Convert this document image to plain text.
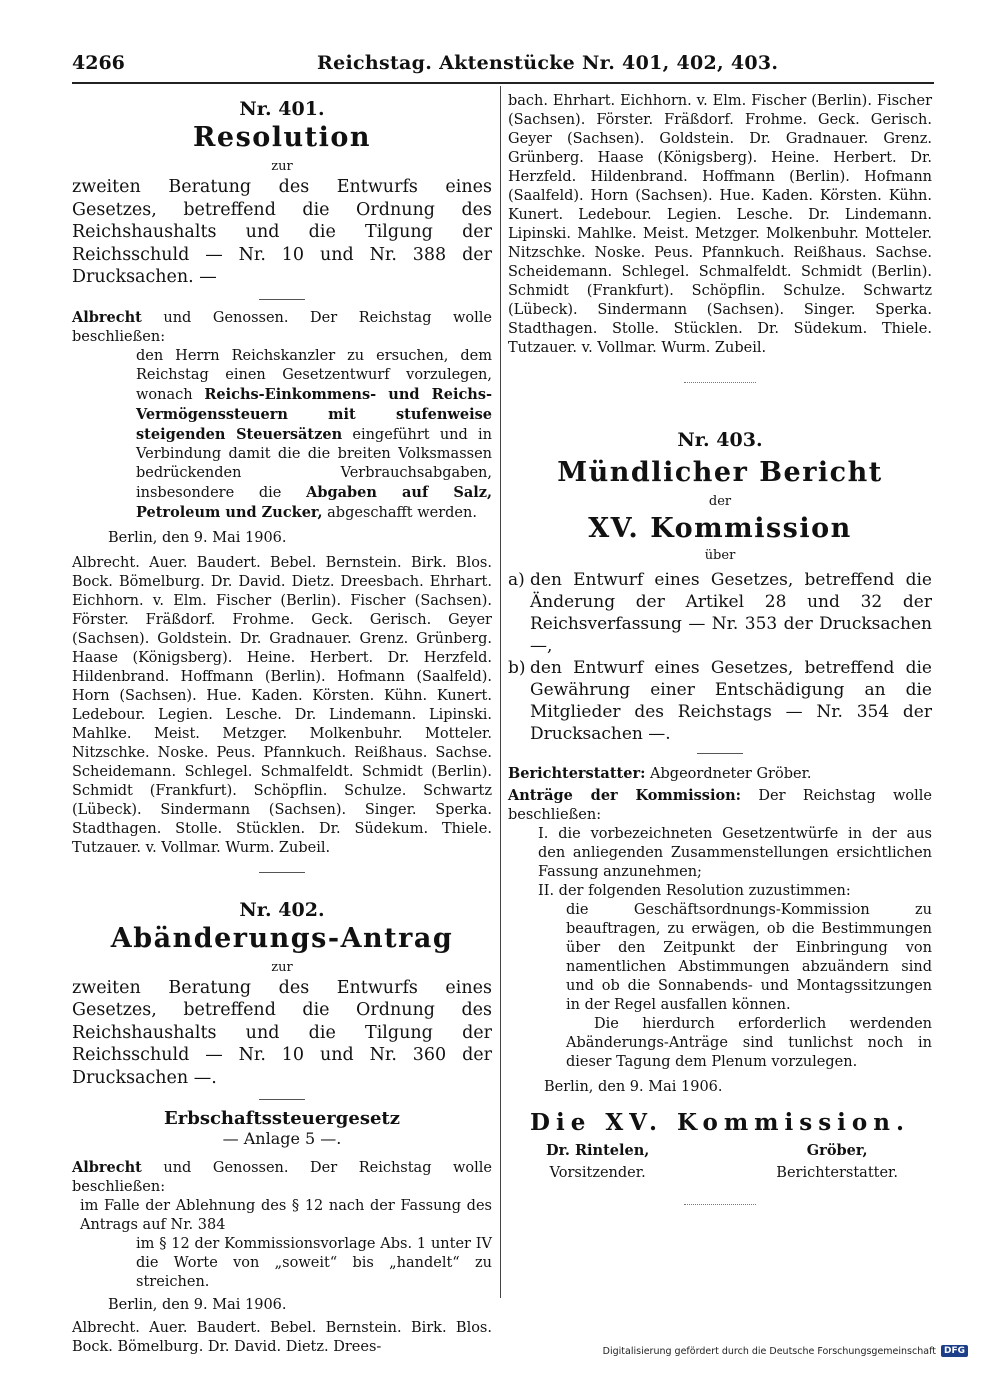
4266	Reichstag. Aktenstücke Nr. 401, 402, 403.

Nr. 401.

Resolution

zur

zweiten Beratung des Entwurfs eines Gesetzes, betreffend die Ordnung des Reichshaushalts und die Tilgung der Reichsschuld — Nr. 10 und Nr. 388 der Drucksachen. —

Albrecht und Genossen. Der Reichstag wolle beschließen:

den Herrn Reichskanzler zu ersuchen, dem Reichstag einen Gesetzentwurf vorzulegen, wonach Reichs-Einkommens- und Reichs-Vermögenssteuern mit stufenweise steigenden Steuersätzen eingeführt und in Verbindung damit die die breiten Volksmassen bedrückenden Verbrauchsabgaben, insbesondere die Abgaben auf Salz, Petroleum und Zucker, abgeschafft werden.

Berlin, den 9. Mai 1906.

Albrecht. Auer. Baudert. Bebel. Bernstein. Birk. Blos. Bock. Bömelburg. Dr. David. Dietz. Dreesbach. Ehrhart. Eichhorn. v. Elm. Fischer (Berlin). Fischer (Sachsen). Förster. Fräßdorf. Frohme. Geck. Gerisch. Geyer (Sachsen). Goldstein. Dr. Gradnauer. Grenz. Grünberg. Haase (Königsberg). Heine. Herbert. Dr. Herzfeld. Hildenbrand. Hoffmann (Berlin). Hofmann (Saalfeld). Horn (Sachsen). Hue. Kaden. Körsten. Kühn. Kunert. Ledebour. Legien. Lesche. Dr. Lindemann. Lipinski. Mahlke. Meist. Metzger. Molkenbuhr. Motteler. Nitzschke. Noske. Peus. Pfannkuch. Reißhaus. Sachse. Scheidemann. Schlegel. Schmalfeldt. Schmidt (Berlin). Schmidt (Frankfurt). Schöpflin. Schulze. Schwartz (Lübeck). Sindermann (Sachsen). Singer. Sperka. Stadthagen. Stolle. Stücklen. Dr. Südekum. Thiele. Tutzauer. v. Vollmar. Wurm. Zubeil.

Nr. 402.

Abänderungs-Antrag

zur

zweiten Beratung des Entwurfs eines Gesetzes, betreffend die Ordnung des Reichshaushalts und die Tilgung der Reichsschuld — Nr. 10 und Nr. 360 der Drucksachen —.

Erbschaftssteuergesetz

— Anlage 5 —.

Albrecht und Genossen. Der Reichstag wolle beschließen:

im Falle der Ablehnung des § 12 nach der Fassung des Antrags auf Nr. 384

im § 12 der Kommissionsvorlage Abs. 1 unter IV die Worte von „soweit“ bis „handelt“ zu streichen.

Berlin, den 9. Mai 1906.

Albrecht. Auer. Baudert. Bebel. Bernstein. Birk. Blos. Bock. Bömelburg. Dr. David. Dietz. Drees-

bach. Ehrhart. Eichhorn. v. Elm. Fischer (Berlin). Fischer (Sachsen). Förster. Fräßdorf. Frohme. Geck. Gerisch. Geyer (Sachsen). Goldstein. Dr. Gradnauer. Grenz. Grünberg. Haase (Königsberg). Heine. Herbert. Dr. Herzfeld. Hildenbrand. Hoffmann (Berlin). Hofmann (Saalfeld). Horn (Sachsen). Hue. Kaden. Körsten. Kühn. Kunert. Ledebour. Legien. Lesche. Dr. Lindemann. Lipinski. Mahlke. Meist. Metzger. Molkenbuhr. Motteler. Nitzschke. Noske. Peus. Pfannkuch. Reißhaus. Sachse. Scheidemann. Schlegel. Schmalfeldt. Schmidt (Berlin). Schmidt (Frankfurt). Schöpflin. Schulze. Schwartz (Lübeck). Sindermann (Sachsen). Singer. Sperka. Stadthagen. Stolle. Stücklen. Dr. Südekum. Thiele. Tutzauer. v. Vollmar. Wurm. Zubeil.

Nr. 403.

Mündlicher Bericht

der

XV. Kommission

über

a) den Entwurf eines Gesetzes, betreffend die Änderung der Artikel 28 und 32 der Reichsverfassung — Nr. 353 der Drucksachen —,
b) den Entwurf eines Gesetzes, betreffend die Gewährung einer Entschädigung an die Mitglieder des Reichstags — Nr. 354 der Drucksachen —.

Berichterstatter: Abgeordneter Gröber.

Anträge der Kommission: Der Reichstag wolle beschließen:

I. die vorbezeichneten Gesetzentwürfe in der aus den anliegenden Zusammenstellungen ersichtlichen Fassung anzunehmen;

II. der folgenden Resolution zuzustimmen:

die Geschäftsordnungs-Kommission zu beauftragen, zu erwägen, ob die Bestimmungen über den Zeitpunkt der Einbringung von namentlichen Abstimmungen abzuändern sind und ob die Sonnabends- und Montagssitzungen in der Regel ausfallen können.

Die hierdurch erforderlich werdenden Abänderungs-Anträge sind tunlichst noch in dieser Tagung dem Plenum vorzulegen.

Berlin, den 9. Mai 1906.

Die XV. Kommission.

Dr. Rintelen,
Vorsitzender.
Gröber,
Berichterstatter.
Digitalisierung gefördert durch die Deutsche Forschungsgemeinschaft DFG
